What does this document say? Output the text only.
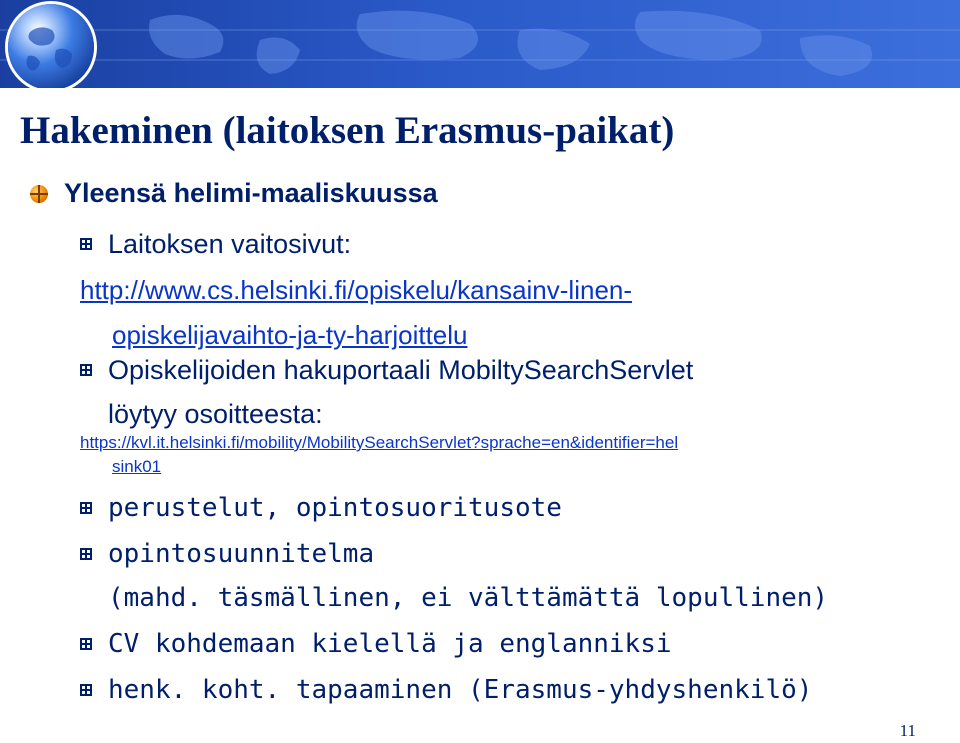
Hakeminen (laitoksen Erasmus-paikat)
Yleensä helimi-maaliskuussa
Laitoksen vaitosivut:
http://www.cs.helsinki.fi/opiskelu/kansainv-linen-

opiskelijavaihto-ja-ty-harjoittelu
Opiskelijoiden hakuportaali MobiltySearchServlet
löytyy osoitteesta:
https://kvl.it.helsinki.fi/mobility/MobilitySearchServlet?sprache=en&identifier=hel
sink01
perustelut, opintosuoritusote
opintosuunnitelma
(mahd. täsmällinen, ei välttämättä lopullinen)
CV kohdemaan kielellä ja englanniksi
henk. koht. tapaaminen (Erasmus-yhdyshenkilö)
11
